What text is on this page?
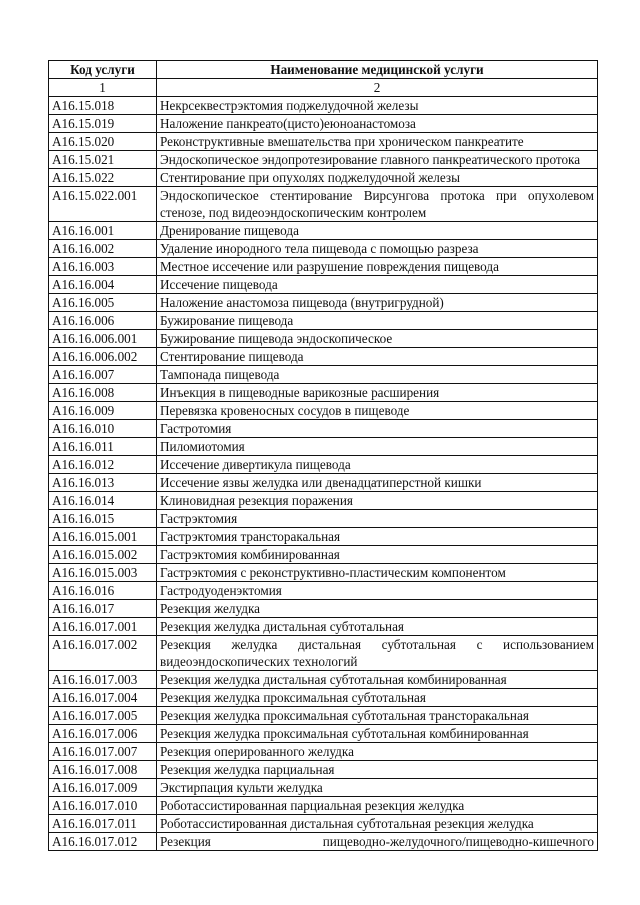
Код услуги	Наименование медицинской услуги
1	2
A16.15.018	Некрсеквестрэктомия поджелудочной железы
A16.15.019	Наложение панкреато(цисто)еюноанастомоза
A16.15.020	Реконструктивные вмешательства при хроническом панкреатите
A16.15.021	Эндоскопическое эндопротезирование главного панкреатического протока
A16.15.022	Стентирование при опухолях поджелудочной железы
A16.15.022.001	Эндоскопическое стентирование Вирсунгова протока при опухолевом стенозе, под видеоэндоскопическим контролем
A16.16.001	Дренирование пищевода
A16.16.002	Удаление инородного тела пищевода с помощью разреза
A16.16.003	Местное иссечение или разрушение повреждения пищевода
A16.16.004	Иссечение пищевода
A16.16.005	Наложение анастомоза пищевода (внутригрудной)
A16.16.006	Бужирование пищевода
A16.16.006.001	Бужирование пищевода эндоскопическое
A16.16.006.002	Стентирование пищевода
A16.16.007	Тампонада пищевода
A16.16.008	Инъекция в пищеводные варикозные расширения
A16.16.009	Перевязка кровеносных сосудов в пищеводе
A16.16.010	Гастротомия
A16.16.011	Пиломиотомия
A16.16.012	Иссечение дивертикула пищевода
A16.16.013	Иссечение язвы желудка или двенадцатиперстной кишки
A16.16.014	Клиновидная резекция поражения
A16.16.015	Гастрэктомия
A16.16.015.001	Гастрэктомия трансторакальная
A16.16.015.002	Гастрэктомия комбинированная
A16.16.015.003	Гастрэктомия с реконструктивно-пластическим компонентом
A16.16.016	Гастродуоденэктомия
A16.16.017	Резекция желудка
A16.16.017.001	Резекция желудка дистальная субтотальная
A16.16.017.002	Резекция желудка дистальная субтотальная с использованием видеоэндоскопических технологий
A16.16.017.003	Резекция желудка дистальная субтотальная комбинированная
A16.16.017.004	Резекция желудка проксимальная субтотальная
A16.16.017.005	Резекция желудка проксимальная субтотальная трансторакальная
A16.16.017.006	Резекция желудка проксимальная субтотальная комбинированная
A16.16.017.007	Резекция оперированного желудка
A16.16.017.008	Резекция желудка парциальная
A16.16.017.009	Экстирпация культи желудка
A16.16.017.010	Роботассистированная парциальная резекция желудка
A16.16.017.011	Роботассистированная дистальная субтотальная резекция желудка
A16.16.017.012	Резекция пищеводно-желудочного/пищеводно-кишечного
